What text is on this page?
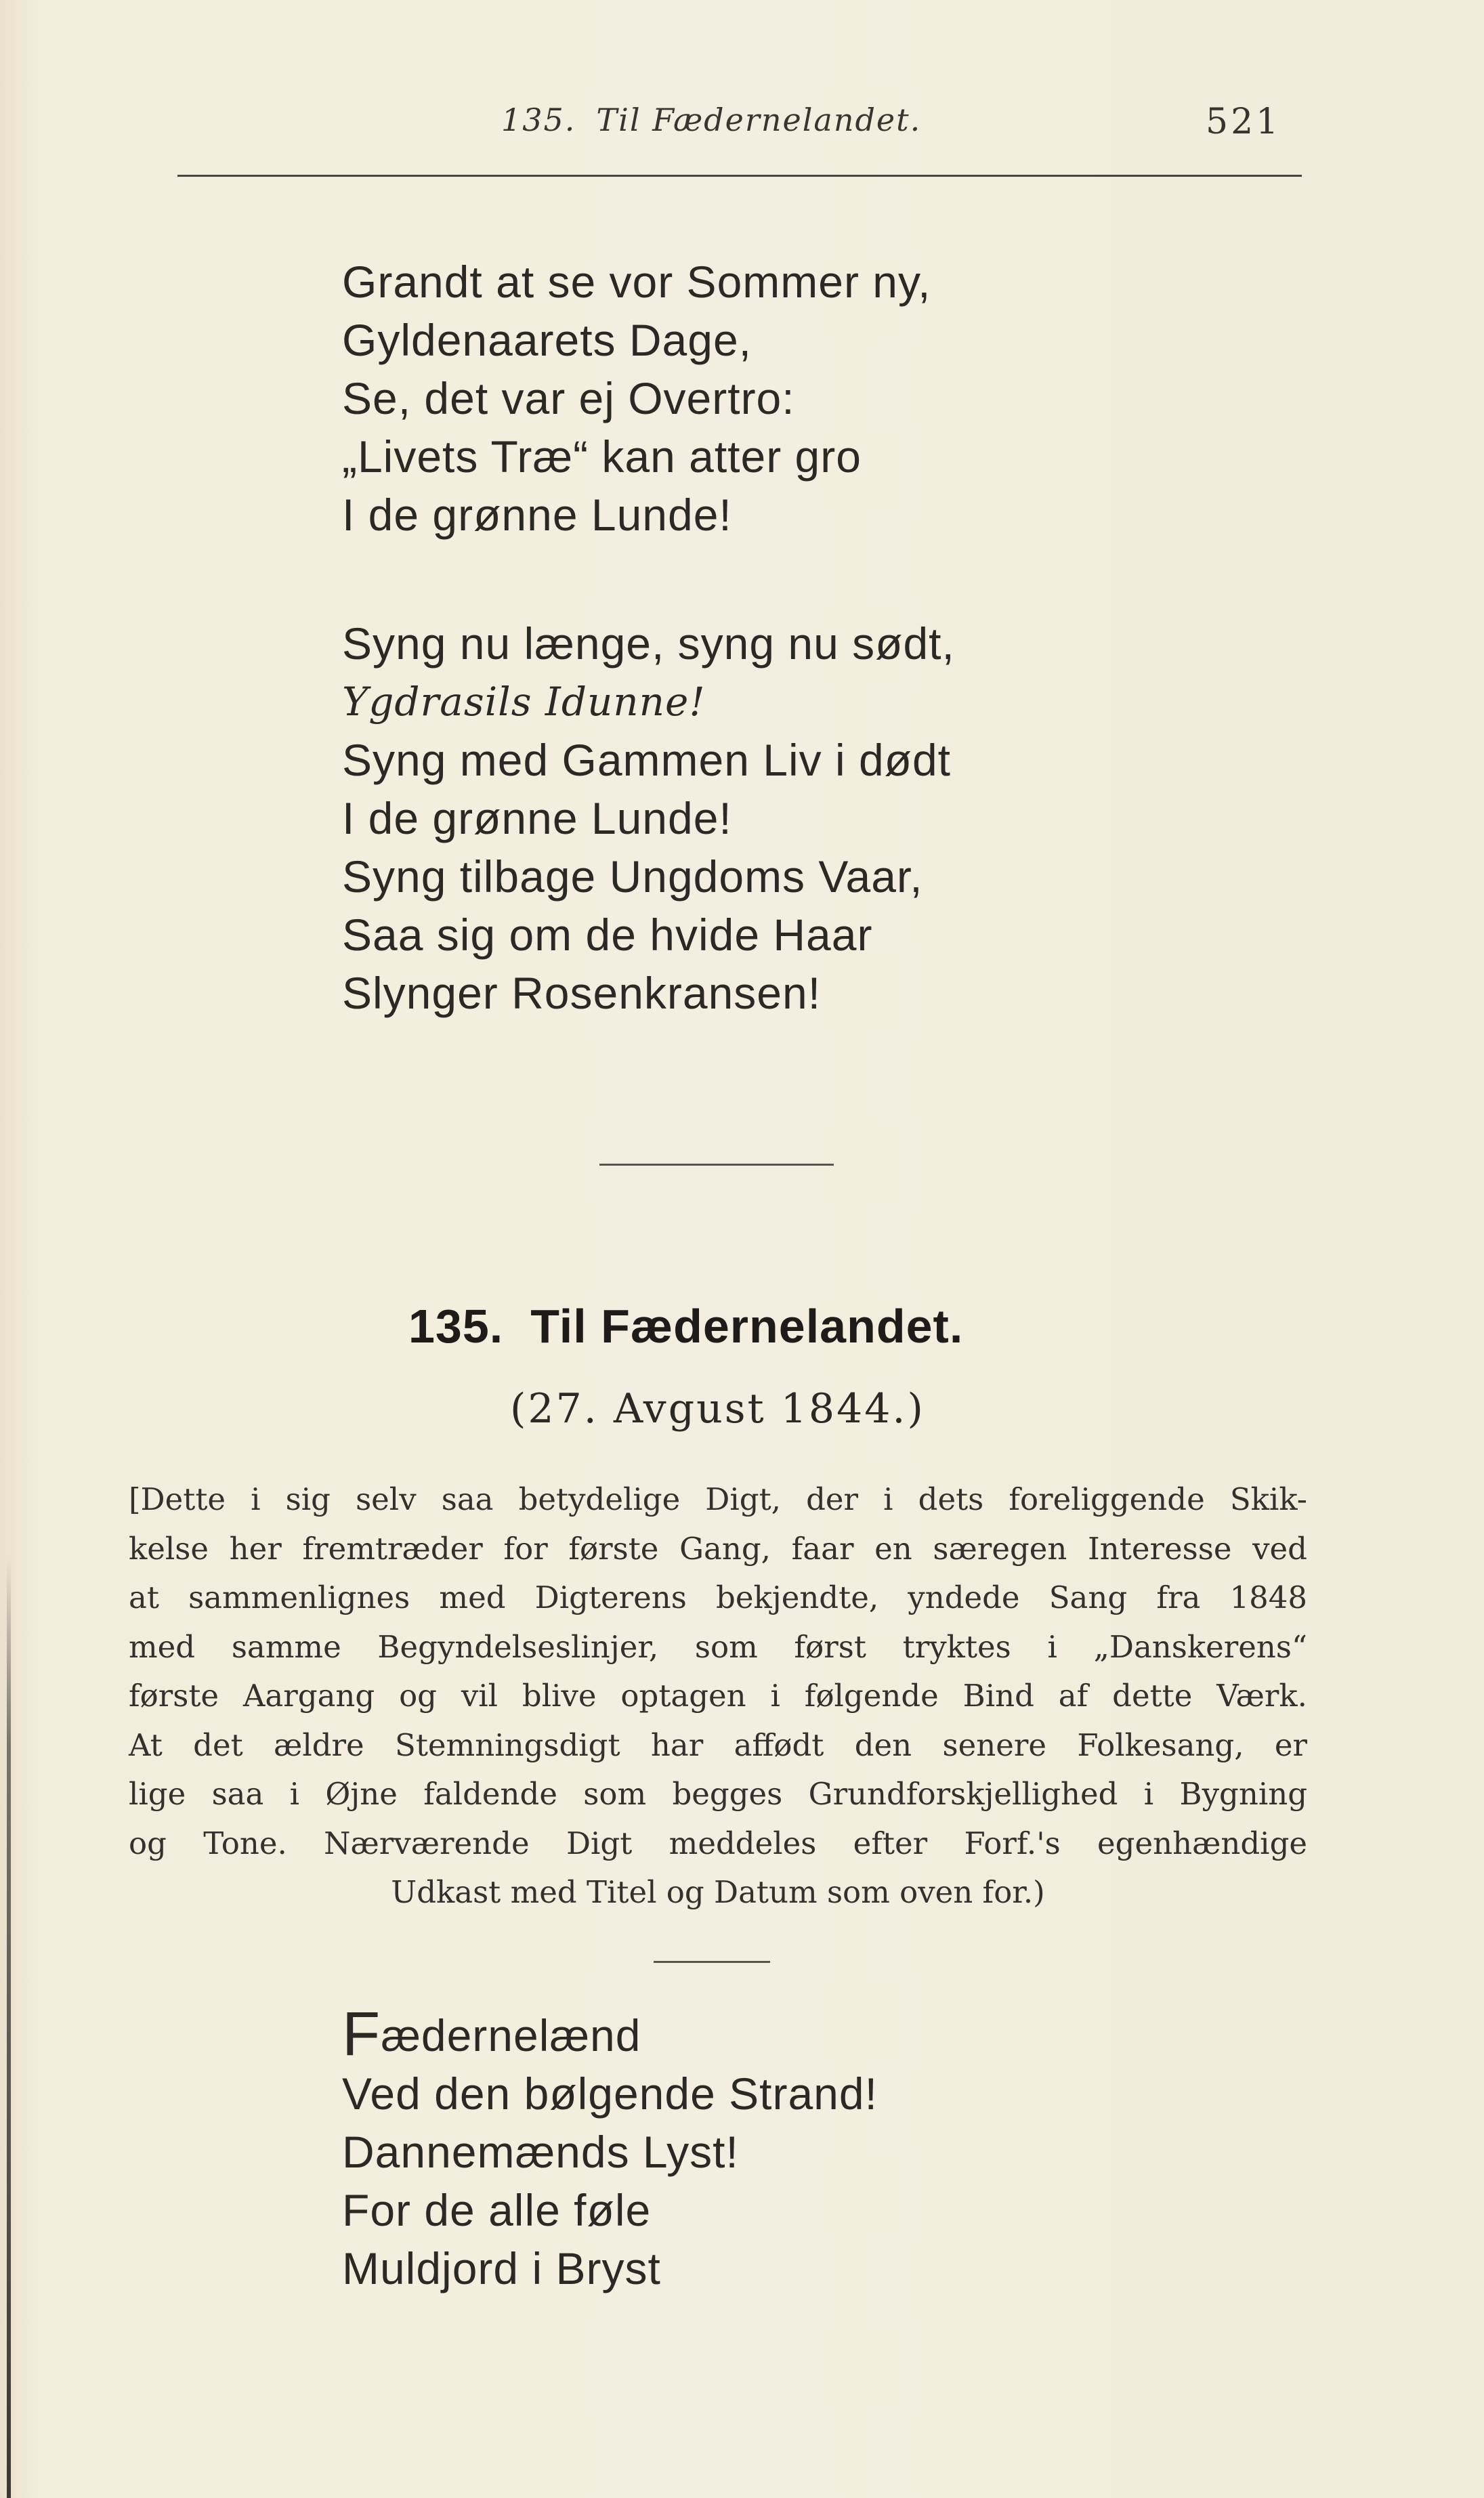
135. Til Fædernelandet.	521
Grandt at se vor Sommer ny,
Gyldenaarets Dage,
Se, det var ej Overtro:
„Livets Træ“ kan atter gro
I de grønne Lunde!
Syng nu længe, syng nu sødt,
Ygdrasils Idunne!
Syng med Gammen Liv i dødt
I de grønne Lunde!
Syng tilbage Ungdoms Vaar,
Saa sig om de hvide Haar
Slynger Rosenkransen!
135. Til Fædernelandet.
(27. Avgust 1844.)
[Dette i sig selv saa betydelige Digt, der i dets foreliggende Skik-
kelse her fremtræder for første Gang, faar en særegen Interesse ved
at sammenlignes med Digterens bekjendte, yndede Sang fra 1848
med samme Begyndelseslinjer, som først tryktes i „Danskerens“
første Aargang og vil blive optagen i følgende Bind af dette Værk.
At det ældre Stemningsdigt har affødt den senere Folkesang, er
lige saa i Øjne faldende som begges Grundforskjellighed i Bygning
og Tone. Nærværende Digt meddeles efter Forf.'s egenhændige
Udkast med Titel og Datum som oven for.)
Fædernelænd
Ved den bølgende Strand!
Dannemænds Lyst!
For de alle føle
Muldjord i Bryst
